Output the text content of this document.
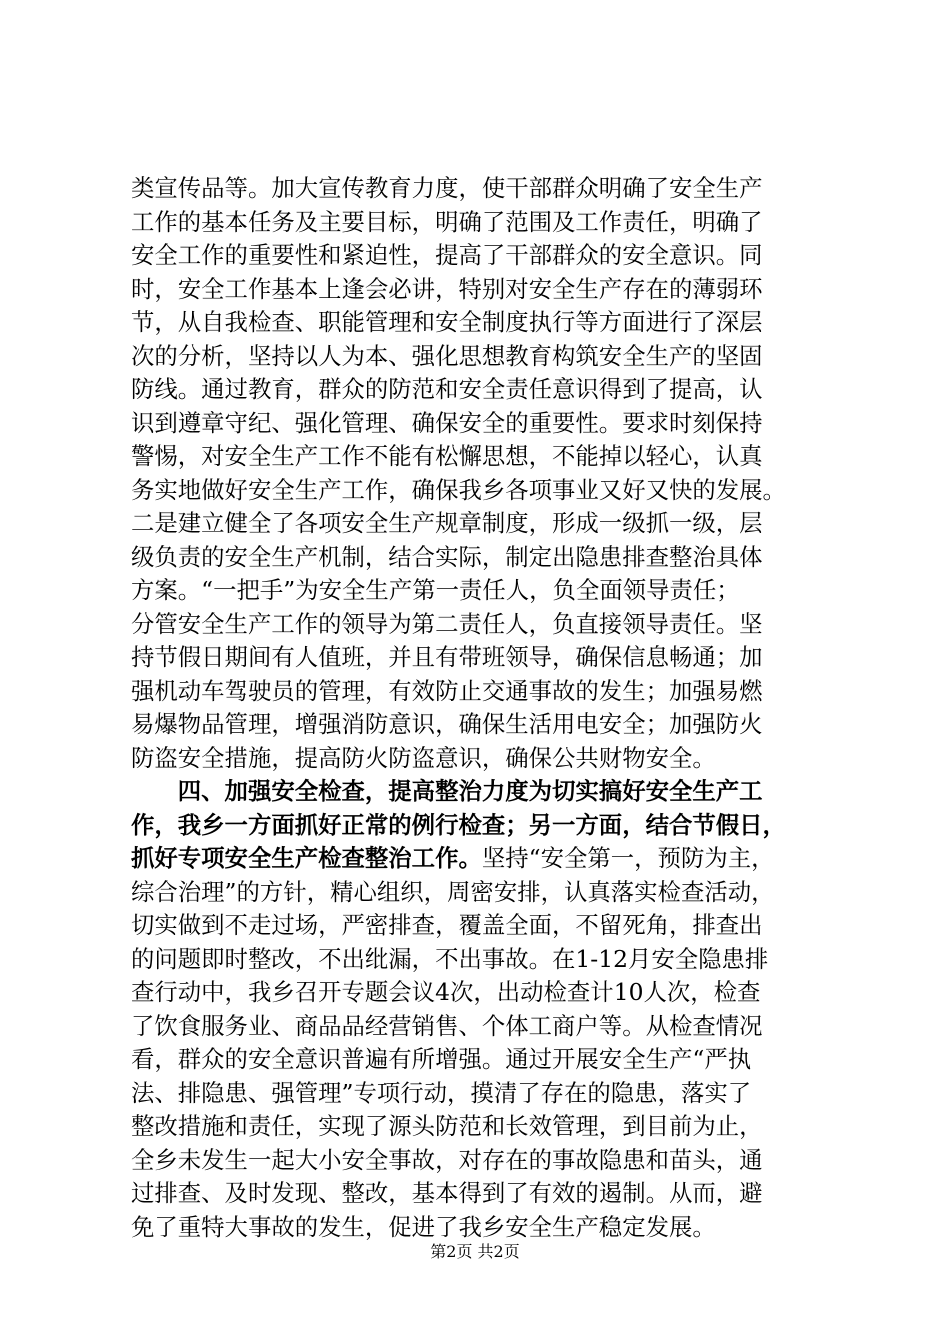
类宣传品等。加大宣传教育力度，使干部群众明确了安全生产
工作的基本任务及主要目标，明确了范围及工作责任，明确了
安全工作的重要性和紧迫性，提高了干部群众的安全意识。同
时，安全工作基本上逢会必讲，特别对安全生产存在的薄弱环
节，从自我检查、职能管理和安全制度执行等方面进行了深层
次的分析，坚持以人为本、强化思想教育构筑安全生产的坚固
防线。通过教育，群众的防范和安全责任意识得到了提高，认
识到遵章守纪、强化管理、确保安全的重要性。要求时刻保持
警惕，对安全生产工作不能有松懈思想，不能掉以轻心，认真
务实地做好安全生产工作，确保我乡各项事业又好又快的发展。
二是建立健全了各项安全生产规章制度，形成一级抓一级，层
级负责的安全生产机制，结合实际，制定出隐患排查整治具体
方案。“一把手”为安全生产第一责任人，负全面领导责任；
分管安全生产工作的领导为第二责任人，负直接领导责任。坚
持节假日期间有人值班，并且有带班领导，确保信息畅通；加
强机动车驾驶员的管理，有效防止交通事故的发生；加强易燃
易爆物品管理，增强消防意识，确保生活用电安全；加强防火
防盗安全措施，提高防火防盗意识，确保公共财物安全。
　　四、加强安全检查，提高整治力度为切实搞好安全生产工
作，我乡一方面抓好正常的例行检查；另一方面，结合节假日，
抓好专项安全生产检查整治工作。坚持“安全第一，预防为主，
综合治理”的方针，精心组织，周密安排，认真落实检查活动，
切实做到不走过场，严密排查，覆盖全面，不留死角，排查出
的问题即时整改，不出纰漏，不出事故。在1-12月安全隐患排
查行动中，我乡召开专题会议4次，出动检查计10人次，检查
了饮食服务业、商品品经营销售、个体工商户等。从检查情况
看，群众的安全意识普遍有所增强。通过开展安全生产“严执
法、排隐患、强管理”专项行动，摸清了存在的隐患，落实了
整改措施和责任，实现了源头防范和长效管理，到目前为止，
全乡未发生一起大小安全事故，对存在的事故隐患和苗头，通
过排查、及时发现、整改，基本得到了有效的遏制。从而，避
免了重特大事故的发生，促进了我乡安全生产稳定发展。
第2页 共2页
